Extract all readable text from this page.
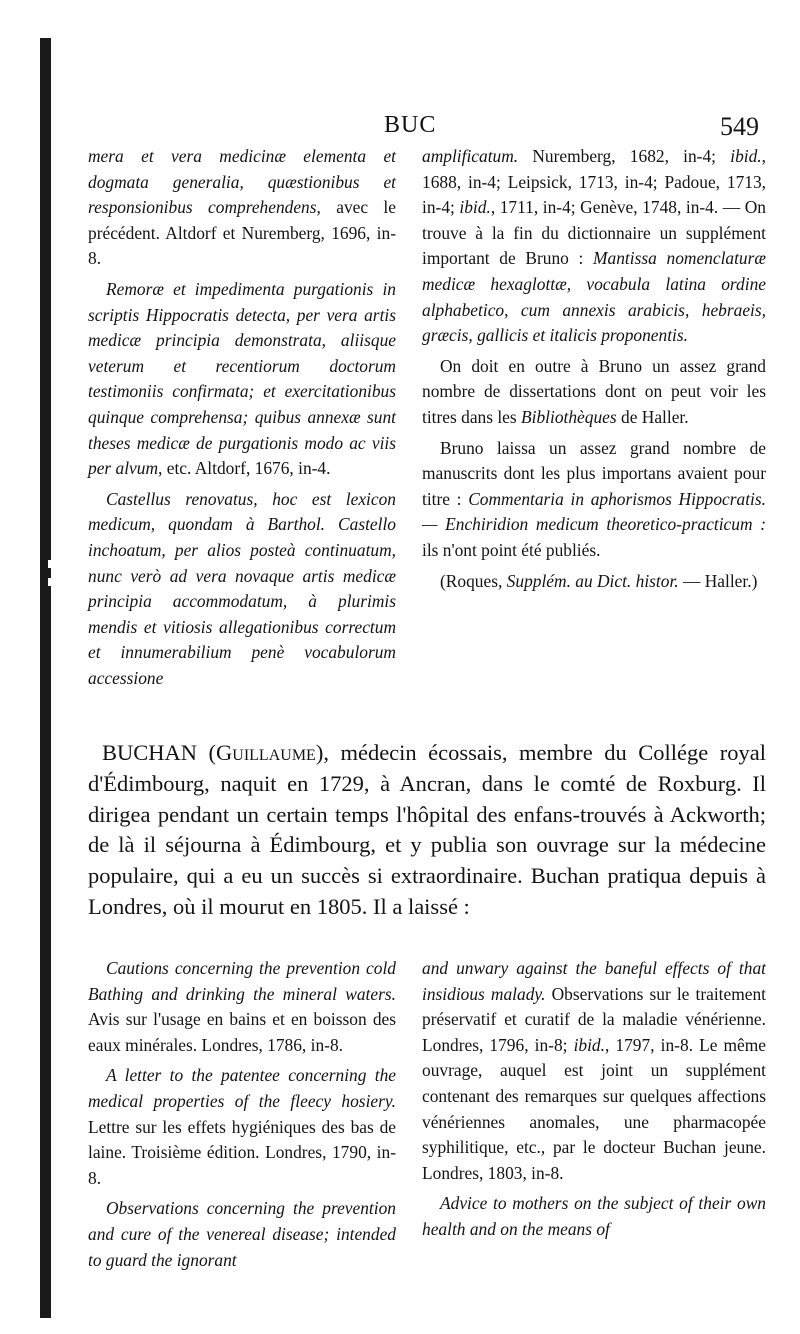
BUC	549

mera et vera medicinæ elementa et dogmata generalia, quæstionibus et responsionibus comprehendens, avec le précédent. Altdorf et Nuremberg, 1696, in-8.

Remoræ et impedimenta purgationis in scriptis Hippocratis detecta, per vera artis medicæ principia demonstrata, aliisque veterum et recentiorum doctorum testimoniis confirmata; et exercitationibus quinque comprehensa; quibus annexæ sunt theses medicæ de purgationis modo ac viis per alvum, etc. Altdorf, 1676, in-4.

Castellus renovatus, hoc est lexicon medicum, quondam à Barthol. Castello inchoatum, per alios posteà continuatum, nunc verò ad vera novaque artis medicæ principia accommodatum, à plurimis mendis et vitiosis allegationibus correctum et innumerabilium penè vocabulorum accessione

amplificatum. Nuremberg, 1682, in-4; ibid., 1688, in-4; Leipsick, 1713, in-4; Padoue, 1713, in-4; ibid., 1711, in-4; Genève, 1748, in-4. — On trouve à la fin du dictionnaire un supplément important de Bruno : Mantissa nomenclaturæ medicæ hexaglottæ, vocabula latina ordine alphabetico, cum annexis arabicis, hebraeis, græcis, gallicis et italicis proponentis.

On doit en outre à Bruno un assez grand nombre de dissertations dont on peut voir les titres dans les Bibliothèques de Haller.

Bruno laissa un assez grand nombre de manuscrits dont les plus importans avaient pour titre : Commentaria in aphorismos Hippocratis. — Enchiridion medicum theoretico-practicum : ils n'ont point été publiés.

(Roques, Supplém. au Dict. histor. — Haller.)

BUCHAN (Guillaume), médecin écossais, membre du Collége royal d'Édimbourg, naquit en 1729, à Ancran, dans le comté de Roxburg. Il dirigea pendant un certain temps l'hôpital des enfans-trouvés à Ackworth; de là il séjourna à Édimbourg, et y publia son ouvrage sur la médecine populaire, qui a eu un succès si extraordinaire. Buchan pratiqua depuis à Londres, où il mourut en 1805. Il a laissé :

Cautions concerning the prevention cold Bathing and drinking the mineral waters. Avis sur l'usage en bains et en boisson des eaux minérales. Londres, 1786, in-8.

A letter to the patentee concerning the medical properties of the fleecy hosiery. Lettre sur les effets hygiéniques des bas de laine. Troisième édition. Londres, 1790, in-8.

Observations concerning the prevention and cure of the venereal disease; intended to guard the ignorant

and unwary against the baneful effects of that insidious malady. Observations sur le traitement préservatif et curatif de la maladie vénérienne. Londres, 1796, in-8; ibid., 1797, in-8. Le même ouvrage, auquel est joint un supplément contenant des remarques sur quelques affections vénériennes anomales, une pharmacopée syphilitique, etc., par le docteur Buchan jeune. Londres, 1803, in-8.

Advice to mothers on the subject of their own health and on the means of
